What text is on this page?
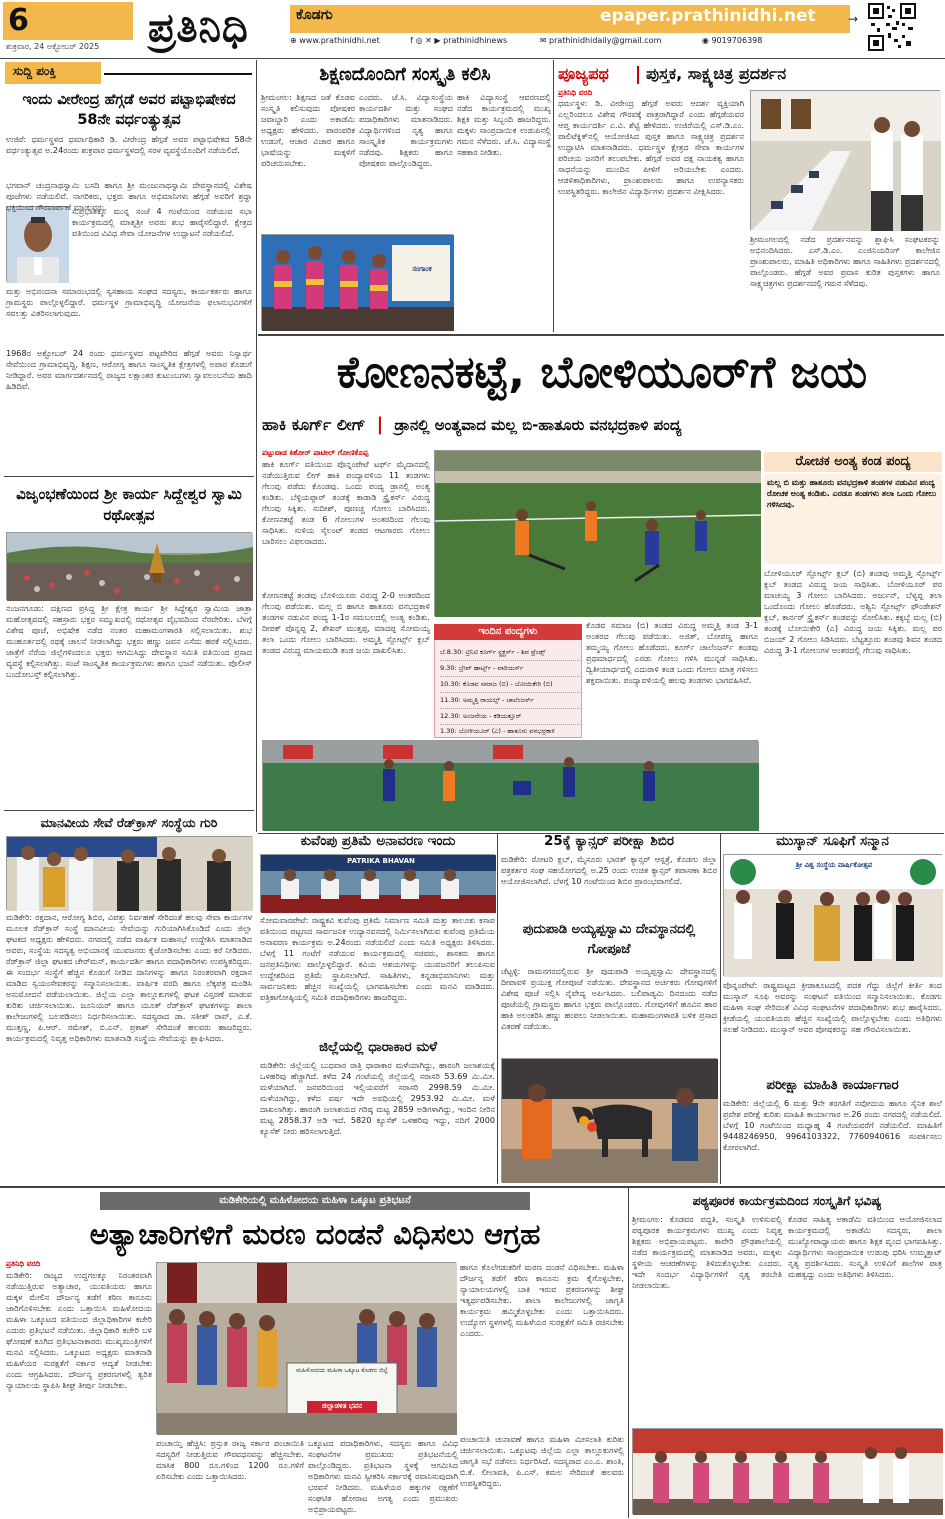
6
ಶುಕ್ರವಾರ, 24 ಅಕ್ಟೋಬರ್ 2025	ಪ್ರತಿನಿಧಿ	ಕೊಡಗು	epaper.prathinidhi.net
⊕ www.prathinidhi.net	f ◎ ✕ ▶ prathinidhinews	✉ prathinidhidaily@gmail.com	◉ 9019706398
→
ಸುದ್ದಿ ಪಂಕ್ತಿ
ಇಂದು ವೀರೇಂದ್ರ ಹೆಗ್ಗಡೆ ಅವರ ಪಟ್ಟಾಭಿಷೇಕದ 58ನೇ ವರ್ಧಂತ್ಯುತ್ಸವ
ಉಜಿರೆ: ಧರ್ಮಸ್ಥಳದ ಧರ್ಮಾಧಿಕಾರಿ ಡಿ. ವೀರೇಂದ್ರ ಹೆಗ್ಗಡೆ ಅವರ ಪಟ್ಟಾಭಿಷೇಕದ 58ನೇ ವರ್ಧಂತ್ಯುತ್ಸವ ಅ.24ರಂದು ಶುಕ್ರವಾರ ಧರ್ಮಸ್ಥಳದಲ್ಲಿ ಸರಳ ವ್ಯವಸ್ಥೆಯೊಂದಿಗೆ ನಡೆಯಲಿದೆ.
ಭಗವಾನ್ ಚಂದ್ರನಾಥಸ್ವಾಮಿ ಬಸದಿ ಹಾಗೂ ಶ್ರೀ ಮಂಜುನಾಥಸ್ವಾಮಿ ದೇವಸ್ಥಾನದಲ್ಲಿ ವಿಶೇಷ ಪೂಜೆಗಳು ನಡೆಯಲಿವೆ. ನಾಗರಿಕರು, ಭಕ್ತರು ಹಾಗೂ ಅಭಿಮಾನಿಗಳು ಹೆಗ್ಗಡೆ ಅವರಿಗೆ ಶ್ರದ್ಧಾ ಭಕ್ತಿಯಿಂದ ಗೌರವಾರ್ಪಣೆ ಮಾಡುವರು.
ಸುಪ್ರಭಾತಕ್ಕೂ ಮುನ್ನ ಸಂಜೆ 4 ಗಂಟೆಯಿಂದ ನಡೆಯುವ ಸಭಾ ಕಾರ್ಯಕ್ರಮದಲ್ಲಿ ಮಾತೃಶ್ರೀ ಅವರು ಶುಭ ಹಾರೈಸಲಿದ್ದಾರೆ. ಕ್ಷೇತ್ರದ ವತಿಯಿಂದ ವಿವಿಧ ಸೇವಾ ಯೋಜನೆಗಳ ಉದ್ಘಾಟನೆ ನಡೆಯಲಿದೆ.
ಮತ್ತು ಅಭಿನಂದನಾ ಸಮಾರಂಭದಲ್ಲಿ ಸ್ವಸಹಾಯ ಸಂಘದ ಸದಸ್ಯರು, ಕಾರ್ಯಕರ್ತರು ಹಾಗೂ ಗ್ರಾಮಸ್ಥರು ಪಾಲ್ಗೊಳ್ಳಲಿದ್ದಾರೆ. ಧರ್ಮಸ್ಥಳ ಗ್ರಾಮಾಭಿವೃದ್ಧಿ ಯೋಜನೆಯ ಫಲಾನುಭವಿಗಳಿಗೆ ಸವಲತ್ತು ವಿತರಿಸಲಾಗುವುದು.
1968ರ ಅಕ್ಟೋಬರ್ 24 ರಂದು ಧರ್ಮಸ್ಥಳದ ಪಟ್ಟವೇರಿದ ಹೆಗ್ಗಡೆ ಅವರು ನಿಸ್ವಾರ್ಥ ಸೇವೆಯಿಂದ ಗ್ರಾಮಾಭಿವೃದ್ಧಿ, ಶಿಕ್ಷಣ, ಆರೋಗ್ಯ ಹಾಗೂ ಸಾಂಸ್ಕೃತಿಕ ಕ್ಷೇತ್ರಗಳಲ್ಲಿ ಅಪಾರ ಕೊಡುಗೆ ನೀಡಿದ್ದಾರೆ. ಅವರ ಮಾರ್ಗದರ್ಶನದಲ್ಲಿ ರಾಜ್ಯದ ಲಕ್ಷಾಂತರ ಕುಟುಂಬಗಳು ಸ್ವಾವಲಂಬನೆಯ ಹಾದಿ ಹಿಡಿದಿವೆ.
ವಿಜೃಂಭಣೆಯಿಂದ ಶ್ರೀ ಕಾರ್ಯ ಸಿದ್ದೇಶ್ವರ ಸ್ವಾಮಿ ರಥೋತ್ಸವ
ನಂಜನಗೂಡು: ದಕ್ಷಿಣದ ಪ್ರಸಿದ್ಧ ಶ್ರೀ ಕ್ಷೇತ್ರ ಕಾರ್ಯ ಶ್ರೀ ಸಿದ್ದೇಶ್ವರ ಸ್ವಾಮಿಯ ಜಾತ್ರಾ ಮಹೋತ್ಸವದಲ್ಲಿ ಸಹಸ್ರಾರು ಭಕ್ತರ ಸಮ್ಮುಖದಲ್ಲಿ ರಥೋತ್ಸವ ವೈಭವದಿಂದ ನೆರವೇರಿತು. ಬೆಳಗ್ಗೆ ವಿಶೇಷ ಪೂಜೆ, ಅಭಿಷೇಕ ನಡೆದ ನಂತರ ಮಹಾಮಂಗಳಾರತಿ ಸಲ್ಲಿಸಲಾಯಿತು. ಶುಭ ಮುಹೂರ್ತದಲ್ಲಿ ರಥಕ್ಕೆ ಚಾಲನೆ ನೀಡಲಾಗಿದ್ದು ಭಕ್ತರು ಹಣ್ಣು ಜವನ ಎಸೆದು ಹರಕೆ ಸಲ್ಲಿಸಿದರು. ಜಾತ್ರೆಗೆ ನೆರೆಯ ಜಿಲ್ಲೆಗಳಿಂದಲೂ ಭಕ್ತರು ಆಗಮಿಸಿದ್ದು ದೇವಸ್ಥಾನ ಸಮಿತಿ ವತಿಯಿಂದ ಪ್ರಸಾದ ವ್ಯವಸ್ಥೆ ಕಲ್ಪಿಸಲಾಗಿತ್ತು. ಸಂಜೆ ಸಾಂಸ್ಕೃತಿಕ ಕಾರ್ಯಕ್ರಮಗಳು ಹಾಗೂ ಭಜನೆ ನಡೆಯಿತು. ಪೊಲೀಸ್ ಬಂದೋಬಸ್ತ್ ಕಲ್ಪಿಸಲಾಗಿತ್ತು.
ಮಾನವೀಯ ಸೇವೆ ರೆಡ್‌ಕ್ರಾಸ್ ಸಂಸ್ಥೆಯ ಗುರಿ
ಮಡಿಕೇರಿ: ರಕ್ತದಾನ, ಆರೋಗ್ಯ ಶಿಬಿರ, ವಿಪತ್ತು ನಿರ್ವಹಣೆ ಸೇರಿದಂತೆ ಹಲವು ಸೇವಾ ಕಾರ್ಯಗಳ ಮೂಲಕ ರೆಡ್‌ಕ್ರಾಸ್ ಸಂಸ್ಥೆ ಮಾನವೀಯ ಸೇವೆಯನ್ನು ಗುರಿಯಾಗಿಸಿಕೊಂಡಿದೆ ಎಂದು ಜಿಲ್ಲಾ ಘಟಕದ ಅಧ್ಯಕ್ಷರು ಹೇಳಿದರು. ನಗರದಲ್ಲಿ ನಡೆದ ವಾರ್ಷಿಕ ಮಹಾಸಭೆ ಉದ್ದೇಶಿಸಿ ಮಾತನಾಡಿದ ಅವರು, ಸಂಸ್ಥೆಯ ಸದಸ್ಯತ್ವ ಅಭಿಯಾನಕ್ಕೆ ಯುವಜನರು ಕೈಜೋಡಿಸಬೇಕು ಎಂದು ಕರೆ ನೀಡಿದರು. ರೆಡ್‌ಕ್ರಾಸ್ ಜಿಲ್ಲಾ ಘಟಕದ ಚೇರ್‌ಮನ್, ಕಾರ್ಯದರ್ಶಿ ಹಾಗೂ ಪದಾಧಿಕಾರಿಗಳು ಉಪಸ್ಥಿತರಿದ್ದರು. ಈ ಸಂದರ್ಭ ಸಂಸ್ಥೆಗೆ ಹೆಚ್ಚಿನ ಕೊಡುಗೆ ನೀಡಿದ ದಾನಿಗಳನ್ನು ಹಾಗೂ ನಿರಂತರವಾಗಿ ರಕ್ತದಾನ ಮಾಡಿದ ಸ್ವಯಂಸೇವಕರನ್ನು ಸನ್ಮಾನಿಸಲಾಯಿತು. ವಾರ್ಷಿಕ ವರದಿ ಹಾಗೂ ಲೆಕ್ಕಪತ್ರ ಮಂಡಿಸಿ ಅನುಮೋದನೆ ಪಡೆಯಲಾಯಿತು. ಜಿಲ್ಲೆಯ ಎಲ್ಲಾ ತಾಲ್ಲೂಕುಗಳಲ್ಲಿ ಘಟಕ ವಿಸ್ತರಣೆ ಮಾಡುವ ಕುರಿತು ಚರ್ಚಿಸಲಾಯಿತು. ಜೂನಿಯರ್ ಹಾಗೂ ಯೂತ್ ರೆಡ್‌ಕ್ರಾಸ್ ಘಟಕಗಳನ್ನು ಶಾಲಾ ಕಾಲೇಜುಗಳಲ್ಲಿ ಬಲಪಡಿಸಲು ನಿರ್ಧರಿಸಲಾಯಿತು. ಸದಸ್ಯರಾದ ಡಾ. ಸತೀಶ್ ರಾವ್, ಎ.ಕೆ. ಮುತ್ತಣ್ಣ, ಪಿ.ಆರ್. ರಮೇಶ್, ಬಿ.ಎನ್. ಪ್ರಕಾಶ್ ಸೇರಿದಂತೆ ಹಲವರು ಹಾಜರಿದ್ದರು. ಕಾರ್ಯಕ್ರಮದಲ್ಲಿ ನಿವೃತ್ತ ಅಧಿಕಾರಿಗಳು ಮಾತನಾಡಿ ಸಂಸ್ಥೆಯ ಸೇವೆಯನ್ನು ಶ್ಲಾಘಿಸಿದರು.
ಶಿಕ್ಷಣದೊಂದಿಗೆ ಸಂಸ್ಕೃತಿ ಕಲಿಸಿ
ಶ್ರೀಮಂಗಲ: ಶಿಕ್ಷಣದ ಜತೆ ಕೊಡವ ಸಂಸ್ಕೃತಿ ಕಲಿಸುವುದು ಪೋಷಕರ ಜವಾಬ್ದಾರಿ ಎಂದು ಅಕಾಡೆಮಿ ಅಧ್ಯಕ್ಷರು ಹೇಳಿದರು. ಪಾರಂಪರಿಕ ಉಡುಗೆ, ಆಚಾರ ವಿಚಾರ ಹಾಗೂ ಭಾಷೆಯನ್ನು ಮಕ್ಕಳಿಗೆ ಪರಿಚಯಿಸಬೇಕು.
ಎಂದರು. ಜೆ.ಸಿ. ವಿದ್ಯಾಸಂಸ್ಥೆಯ ಕಾರ್ಯದರ್ಶಿ ಮತ್ತು ಸಂಘದ ಪದಾಧಿಕಾರಿಗಳು ಮಾತನಾಡಿದರು. ವಿದ್ಯಾರ್ಥಿಗಳಿಂದ ನೃತ್ಯ ಹಾಗೂ ಸಾಂಸ್ಕೃತಿಕ ಕಾರ್ಯಕ್ರಮಗಳು ನಡೆದವು. ಶಿಕ್ಷಕರು ಹಾಗೂ ಪೋಷಕರು ಪಾಲ್ಗೊಂಡಿದ್ದರು.
ಹಾಕಿ ವಿದ್ಯಾಸಂಸ್ಥೆ ಆವರಣದಲ್ಲಿ ನಡೆದ ಕಾರ್ಯಕ್ರಮದಲ್ಲಿ ಮುಖ್ಯ ಶಿಕ್ಷಕಿ ಮತ್ತು ಸಿಬ್ಬಂದಿ ಹಾಜರಿದ್ದರು. ಮಕ್ಕಳು ಸಾಂಪ್ರದಾಯಿಕ ಉಡುಪಿನಲ್ಲಿ ಗಮನ ಸೆಳೆದರು. ಜೆ.ಸಿ. ವಿದ್ಯಾಸಂಸ್ಥೆ ಸಹಕಾರ ನೀಡಿತು.
ಸಂಗಾಂಕ
ಪೂಜ್ಯಪಥ ಪುಸ್ತಕ, ಸಾಕ್ಷ್ಯಚಿತ್ರ ಪ್ರದರ್ಶನ
ಪ್ರತಿನಿಧಿ ವರದಿ
ಧರ್ಮಸ್ಥಳ: ಡಿ. ವೀರೇಂದ್ರ ಹೆಗ್ಗಡೆ ಅವರು ಆದರ್ಶ ವ್ಯಕ್ತಿಯಾಗಿ ಎಲ್ಲರಿಂದಲೂ ವಿಶೇಷ ಗೌರವಕ್ಕೆ ಪಾತ್ರರಾಗಿದ್ದಾರೆ ಎಂದು ಹೆಗ್ಗಡೆಯವರ ಆಪ್ತ ಕಾರ್ಯದರ್ಶಿ ಎ.ವಿ. ಶೆಟ್ಟಿ ಹೇಳಿದರು. ಉಜಿರೆಯಲ್ಲಿ ಎಸ್.ಡಿ.ಎಂ. ಪಾಲಿಟೆಕ್ನಿಕ್‌ನಲ್ಲಿ ಆಯೋಜಿಸಿದ ಪುಸ್ತಕ ಹಾಗೂ ಸಾಕ್ಷ್ಯಚಿತ್ರ ಪ್ರದರ್ಶನ ಉದ್ಘಾಟಿಸಿ ಮಾತನಾಡಿದರು. ಧರ್ಮಸ್ಥಳ ಕ್ಷೇತ್ರದ ಸೇವಾ ಕಾರ್ಯಗಳ ಪರಿಚಯ ಜನರಿಗೆ ತಲುಪಬೇಕು. ಹೆಗ್ಗಡೆ ಅವರ ದಕ್ಷ ನಾಯಕತ್ವ ಹಾಗೂ ಸಾಧನೆಯನ್ನು ಮುಂದಿನ ಪೀಳಿಗೆ ಅರಿಯಬೇಕು ಎಂದರು. ಆಡಳಿತಾಧಿಕಾರಿಗಳು, ಪ್ರಾಂಶುಪಾಲರು ಹಾಗೂ ಉಪನ್ಯಾಸಕರು ಉಪಸ್ಥಿತರಿದ್ದರು. ಕಾಲೇಜಿನ ವಿದ್ಯಾರ್ಥಿಗಳು ಪ್ರದರ್ಶನ ವೀಕ್ಷಿಸಿದರು.
ಶ್ರೀಮಂಗಲದಲ್ಲಿ ನಡೆದ ಪ್ರದರ್ಶನವನ್ನು ಶ್ಲಾಘಿಸಿ ಸಂಘಟಕರನ್ನು ಅಭಿನಂದಿಸಿದರು. ಎಸ್.ಡಿ.ಎಂ. ಎಂಜಿನಿಯರಿಂಗ್ ಕಾಲೇಜಿನ ಪ್ರಾಂಶುಪಾಲರು, ಮಾಹಿತಿ ಅಧಿಕಾರಿಗಳು ಹಾಗೂ ಸಾಹಿತಿಗಳು ಪ್ರದರ್ಶನದಲ್ಲಿ ಪಾಲ್ಗೊಂಡರು. ಹೆಗ್ಗಡೆ ಅವರ ಪ್ರವಾಸ ಕುರಿತ ಪುಸ್ತಕಗಳು ಹಾಗೂ ಸಾಕ್ಷ್ಯಚಿತ್ರಗಳು ಪ್ರದರ್ಶನದಲ್ಲಿ ಗಮನ ಸೆಳೆದವು.
ಕೋಣನಕಟ್ಟೆ, ಬೋಳಿಯೂರ್‌ಗೆ ಜಯ
ಹಾಕಿ ಕೂರ್ಗ್ ಲೀಗ್ | ಡ್ರಾನಲ್ಲಿ ಅಂತ್ಯವಾದ ಮಲ್ಲ ಬಿ-ಹಾತೂರು ವನಭದ್ರಕಾಳಿ ಪಂದ್ಯ
ಪಟ್ಟುವಾಡ ಕಿಶೋರ್ ಪಾಟೀಲ್ ಗೋಣಿಕೊಪ್ಪ
ಹಾಕಿ ಕೂರ್ಗ್ ವತಿಯಿಂದ ಪೊನ್ನಂಪೇಟೆ ಟರ್ಫ್ ಮೈದಾನದಲ್ಲಿ ನಡೆಯುತ್ತಿರುವ ಲೀಗ್ ಹಾಕಿ ಪಂದ್ಯಾವಳಿಯ 11 ತಂಡಗಳು ಗೆಲುವು ಪಡೆದು ಕೊಂಡವು. ಒಂದು ಪಂದ್ಯ ಡ್ರಾನಲ್ಲಿ ಅಂತ್ಯ ಕಂಡಿತು. ಬೆಳ್ಳಿಯಪ್ಪಾರ್ ತಂಡಕ್ಕೆ ಕಾಡಾಡಿ ಸ್ಟ್ರೈಕರ್ಸ್ ವಿರುದ್ಧ ಗೆಲುವು ಸಿಕ್ಕಿತು. ಸುದೀಶ್, ಪೂಣಚ್ಚ ಗೋಲು ಬಾರಿಸಿದರು. ಕೋಣನಕಟ್ಟೆ ತಂಡ 6 ಗೋಲುಗಳ ಅಂತರದಿಂದ ಗೆಲುವು ಸಾಧಿಸಿತು. ಸುಳಿಯ ಸೈಲಂಟ್ ತಂಡದ ಆಟಗಾರರು ಗೋಲು ಬಾರಿಸಲು ವಿಫಲರಾದರು.
ಕೋಣನಕಟ್ಟೆ ತಂಡವು ಬೊಳಿಯೂರು ವಿರುದ್ಧ 2-0 ಅಂತರದಿಂದ ಗೆಲುವು ಪಡೆಯಿತು. ಮಲ್ಲ ಬಿ ಹಾಗೂ ಹಾತೂರು ವನಭದ್ರಕಾಳಿ ತಂಡಗಳ ನಡುವಿನ ಪಂದ್ಯ 1-1ರ ಸಮಬಲದಲ್ಲಿ ಅಂತ್ಯ ಕಂಡಿತು. ದೀಪಕ್ ಪೊನ್ನಪ್ಪ 2, ಶೇಖರ್ ಮುತ್ತಪ್ಪ, ಮಾದಪ್ಪ ಸೋಮಯ್ಯ ತಲಾ ಒಂದು ಗೋಲು ಬಾರಿಸಿದರು. ಅಮ್ಮತ್ತಿ ಸ್ಪೋರ್ಟ್ಸ್ ಕ್ಲಬ್ ತಂಡದ ವಿರುದ್ಧ ಮಾಯಮುಡಿ ತಂಡ ಜಯ ದಾಖಲಿಸಿತು.
ಇಂದಿನ ಪಂದ್ಯಗಳು
ಬೆ.8.30: ಟ್ರಿನಿಟಿ ಕೂರ್ಗ್ ಸ್ಟ್ರಕ್ಚರ್ಸ್ - ಶಿವ ಫ್ರೆಂಡ್ಸ್
9.30: ಬ್ರೇವ್ ಹಾರ್ಟ್ಸ್ - ವಾರಿಯರ್ಸ್
10.30: ಕೊಡವ ಸಮಾಜ (ಬಿ) - ಬೋಯಿಕೇರಿ (ಬಿ)
11.30: ಅಮ್ಮತ್ತಿ ರಾಯಲ್ಸ್ - ಚಾಲೆಂಜರ್ಸ್
12.30: ಅಂಜನೇಯ - ಕಡಿಯತ್ತೂರ್
1.30: ಬೋಳಿಯೂರ್ (ಎ) - ಹಾತೂರು ವನಭದ್ರಕಾಳಿ
ಕೊಡವ ಸಮಾಜ (ಬಿ) ತಂಡದ ವಿರುದ್ಧ ಅಮ್ಮತ್ತಿ ತಂಡ 3-1 ಅಂತರದ ಗೆಲುವು ಪಡೆಯಿತು. ಅಜಿತ್, ಬೋಪಣ್ಣ ಹಾಗೂ ತಮ್ಮಯ್ಯ ಗೋಲು ಹೊಡೆದರು. ಕೂರ್ಗ್ ಚಾಲೆಂಜರ್ಸ್ ತಂಡವು ಪ್ರಥಮಾರ್ಧದಲ್ಲಿ ಎರಡು ಗೋಲು ಗಳಿಸಿ ಮುನ್ನಡೆ ಸಾಧಿಸಿತು. ದ್ವಿತೀಯಾರ್ಧದಲ್ಲಿ ಎದುರಾಳಿ ತಂಡ ಒಂದು ಗೋಲು ಮಾತ್ರ ಗಳಿಸಲು ಶಕ್ತವಾಯಿತು. ಪಂದ್ಯಾವಳಿಯಲ್ಲಿ ಹಲವು ತಂಡಗಳು ಭಾಗವಹಿಸಿವೆ.
ರೋಚಕ ಅಂತ್ಯ ಕಂಡ ಪಂದ್ಯ
ಮಲ್ಲ ಬಿ ಮತ್ತು ಹಾತೂರು ವನಭದ್ರಕಾಳಿ ತಂಡಗಳ ನಡುವಿನ ಪಂದ್ಯ ರೋಚಕ ಅಂತ್ಯ ಕಂಡಿತು. ಎರಡೂ ತಂಡಗಳು ತಲಾ ಒಂದು ಗೋಲು ಗಳಿಸಿದವು.
ಬೋಳಿಯೂರ್ ಸ್ಪೋರ್ಟ್ಸ್ ಕ್ಲಬ್ (ಬಿ) ತಂಡವು ಅಮ್ಮತ್ತಿ ಸ್ಪೋರ್ಟ್ಸ್ ಕ್ಲಬ್ ತಂಡದ ವಿರುದ್ಧ ಜಯ ಸಾಧಿಸಿತು. ಬೋಳಿಯೂರ್ ಪರ ಮಾಚಯ್ಯ 3 ಗೋಲು ಬಾರಿಸಿದರು. ಅರ್ಜುನ್, ಬೆಳ್ಯಪ್ಪ ತಲಾ ಒಂದೊಂದು ಗೋಲು ಹೊಡೆದರು. ಅಶ್ವಿನಿ ಸ್ಪೋರ್ಟ್ಸ್ ಫೌಂಡೇಶನ್ ಕ್ಲಬ್, ಕಾರ್ನರ್ ಸ್ಟ್ರೈಕರ್ಸ್ ತಂಡವನ್ನು ಸೋಲಿಸಿತು. ಕಕ್ಕಬ್ಬೆ ಮಲ್ಲ (ಬಿ) ತಂಡಕ್ಕೆ ಬೋಯಿಕೇರಿ (ಎ) ವಿರುದ್ಧ ಜಯ ಸಿಕ್ಕಿತು. ಮಲ್ಲ ಪರ ಬಿಜಯ್ 2 ಗೋಲು ಸಿಡಿಸಿದರು. ಬೆಟ್ಟತ್ತೂರು ತಂಡವು ಶಿವನ ತಂಡದ ವಿರುದ್ಧ 3-1 ಗೋಲುಗಳ ಅಂತರದಲ್ಲಿ ಗೆಲುವು ಸಾಧಿಸಿತು.
ಕುವೆಂಪು ಪ್ರತಿಮೆ ಅನಾವರಣ ಇಂದು
PATRIKA BHAVAN
ಸೋಮವಾರಪೇಟೆ: ರಾಷ್ಟ್ರಕವಿ ಕುವೆಂಪು ಪ್ರತಿಮೆ ನಿರ್ಮಾಣ ಸಮಿತಿ ಮತ್ತು ತಾಲೂಕು ಕಸಾಪ ವತಿಯಿಂದ ಪಟ್ಟಣದ ಸಾರ್ವಜನಿಕ ಉದ್ಯಾನವನದಲ್ಲಿ ನಿರ್ಮಿಸಲಾಗಿರುವ ಕುವೆಂಪು ಪ್ರತಿಮೆಯ ಅನಾವರಣ ಕಾರ್ಯಕ್ರಮ ಅ.24ರಂದು ನಡೆಯಲಿದೆ ಎಂದು ಸಮಿತಿ ಅಧ್ಯಕ್ಷರು ತಿಳಿಸಿದರು. ಬೆಳಗ್ಗೆ 11 ಗಂಟೆಗೆ ನಡೆಯುವ ಕಾರ್ಯಕ್ರಮದಲ್ಲಿ ಸಚಿವರು, ಶಾಸಕರು ಹಾಗೂ ಜನಪ್ರತಿನಿಧಿಗಳು ಪಾಲ್ಗೊಳ್ಳಲಿದ್ದಾರೆ. ಕವಿಯ ಆಶಯಗಳನ್ನು ಯುವಜನರಿಗೆ ತಲುಪಿಸುವ ಉದ್ದೇಶದಿಂದ ಪ್ರತಿಮೆ ಸ್ಥಾಪಿಸಲಾಗಿದೆ. ಸಾಹಿತಿಗಳು, ಕನ್ನಡಾಭಿಮಾನಿಗಳು ಮತ್ತು ಸಾರ್ವಜನಿಕರು ಹೆಚ್ಚಿನ ಸಂಖ್ಯೆಯಲ್ಲಿ ಭಾಗವಹಿಸಬೇಕು ಎಂದು ಮನವಿ ಮಾಡಿದರು. ಪತ್ರಿಕಾಗೋಷ್ಠಿಯಲ್ಲಿ ಸಮಿತಿ ಪದಾಧಿಕಾರಿಗಳು ಹಾಜರಿದ್ದರು.
ಜಿಲ್ಲೆಯಲ್ಲಿ ಧಾರಾಕಾರ ಮಳೆ
ಮಡಿಕೇರಿ: ಜಿಲ್ಲೆಯಲ್ಲಿ ಬುಧವಾರ ರಾತ್ರಿ ಧಾರಾಕಾರ ಮಳೆಯಾಗಿದ್ದು, ಹಾರಂಗಿ ಜಲಾಶಯಕ್ಕೆ ಒಳಹರಿವು ಹೆಚ್ಚಾಗಿದೆ. ಕಳೆದ 24 ಗಂಟೆಯಲ್ಲಿ ಜಿಲ್ಲೆಯಲ್ಲಿ ಸರಾಸರಿ 53.69 ಮಿ.ಮೀ. ಮಳೆಯಾಗಿದೆ. ಜನವರಿಯಿಂದ ಇಲ್ಲಿಯವರೆಗೆ ಸರಾಸರಿ 2998.59 ಮಿ.ಮೀ. ಮಳೆಯಾಗಿದ್ದು, ಕಳೆದ ವರ್ಷ ಇದೇ ಅವಧಿಯಲ್ಲಿ 2953.92 ಮಿ.ಮೀ. ಮಳೆ ದಾಖಲಾಗಿತ್ತು. ಹಾರಂಗಿ ಜಲಾಶಯದ ಗರಿಷ್ಠ ಮಟ್ಟ 2859 ಅಡಿಗಳಾಗಿದ್ದು, ಇಂದಿನ ನೀರಿನ ಮಟ್ಟ 2858.37 ಅಡಿ ಇದೆ. 5820 ಕ್ಯೂಸೆಕ್ ಒಳಹರಿವು ಇದ್ದು, ನದಿಗೆ 2000 ಕ್ಯೂಸೆಕ್ ನೀರು ಹರಿಸಲಾಗುತ್ತಿದೆ.
25ಕ್ಕೆ ಕ್ಯಾನ್ಸರ್ ಪರೀಕ್ಷಾ ಶಿಬಿರ
ಮಡಿಕೇರಿ: ರೋಟರಿ ಕ್ಲಬ್, ಮೈಸೂರು ಭಾರತ್ ಕ್ಯಾನ್ಸರ್ ಆಸ್ಪತ್ರೆ, ಕೊಡಗು ಜಿಲ್ಲಾ ಪತ್ರಕರ್ತರ ಸಂಘ ಸಹಯೋಗದಲ್ಲಿ ಅ.25 ರಂದು ಉಚಿತ ಕ್ಯಾನ್ಸರ್ ತಪಾಸಣಾ ಶಿಬಿರ ಆಯೋಜಿಸಲಾಗಿದೆ. ಬೆಳಗ್ಗೆ 10 ಗಂಟೆಯಿಂದ ಶಿಬಿರ ಪ್ರಾರಂಭವಾಗಲಿದೆ.
ಪುದುಪಾಡಿ ಅಯ್ಯಪ್ಪಸ್ವಾಮಿ ದೇವಸ್ಥಾನದಲ್ಲಿ ಗೋಪೂಜೆ
ಚೆಟ್ಟಳ್ಳಿ: ರಾಮನಗರದಲ್ಲಿರುವ ಶ್ರೀ ಪುದುಪಾಡಿ ಅಯ್ಯಪ್ಪಸ್ವಾಮಿ ದೇವಸ್ಥಾನದಲ್ಲಿ ದೀಪಾವಳಿ ಪ್ರಯುಕ್ತ ಗೋಪೂಜೆ ನಡೆಯಿತು. ದೇವಸ್ಥಾನದ ಅರ್ಚಕರು ಗೋವುಗಳಿಗೆ ವಿಶೇಷ ಪೂಜೆ ಸಲ್ಲಿಸಿ ನೈವೇದ್ಯ ಅರ್ಪಿಸಿದರು. ಬಲಿಪಾಡ್ಯಮಿ ದಿನದಂದು ನಡೆದ ಪೂಜೆಯಲ್ಲಿ ಗ್ರಾಮಸ್ಥರು ಹಾಗೂ ಭಕ್ತರು ಪಾಲ್ಗೊಂಡರು. ಗೋವುಗಳಿಗೆ ಹೂವಿನ ಹಾರ ಹಾಕಿ ಅಲಂಕರಿಸಿ ಹಣ್ಣು ಹಂಪಲು ನೀಡಲಾಯಿತು. ಮಹಾಮಂಗಳಾರತಿ ಬಳಿಕ ಪ್ರಸಾದ ವಿತರಣೆ ನಡೆಯಿತು.
ಮುಸ್ಕಾನ್ ಸೂಫಿಗೆ ಸನ್ಮಾನ
ಶ್ರೀ ವಿಶ್ವ ಸಂಸ್ಥೆಯ ವಾರ್ಷಿಕೋತ್ಸವ
ಪೊನ್ನಂಪೇಟೆ: ರಾಷ್ಟ್ರಮಟ್ಟದ ಕ್ರೀಡಾಕೂಟದಲ್ಲಿ ಪದಕ ಗೆದ್ದು ಜಿಲ್ಲೆಗೆ ಕೀರ್ತಿ ತಂದ ಮುಸ್ಕಾನ್ ಸೂಫಿ ಅವರನ್ನು ಸಂಘಟನೆ ವತಿಯಿಂದ ಸನ್ಮಾನಿಸಲಾಯಿತು. ಕೊಡಗು ಮಹಿಳಾ ಸಂಘ ಸೇರಿದಂತೆ ವಿವಿಧ ಸಂಘಟನೆಗಳ ಪದಾಧಿಕಾರಿಗಳು ಶುಭ ಹಾರೈಸಿದರು. ಕ್ರೀಡೆಯಲ್ಲಿ ಯುವತಿಯರು ಹೆಚ್ಚಿನ ಸಂಖ್ಯೆಯಲ್ಲಿ ಪಾಲ್ಗೊಳ್ಳಬೇಕು ಎಂದು ಅತಿಥಿಗಳು ಸಲಹೆ ನೀಡಿದರು. ಮುಸ್ಕಾನ್ ಅವರ ಪೋಷಕರನ್ನು ಸಹ ಗೌರವಿಸಲಾಯಿತು.
ಪರೀಕ್ಷಾ ಮಾಹಿತಿ ಕಾರ್ಯಾಗಾರ
ಮಡಿಕೇರಿ: ಜಿಲ್ಲೆಯಲ್ಲಿ 6 ಮತ್ತು 9ನೇ ತರಗತಿಗೆ ನವೋದಯ ಹಾಗೂ ಸೈನಿಕ ಶಾಲೆ ಪ್ರವೇಶ ಪರೀಕ್ಷೆ ಕುರಿತು ಮಾಹಿತಿ ಕಾರ್ಯಾಗಾರ ಅ.26 ರಂದು ನಗರದಲ್ಲಿ ನಡೆಯಲಿದೆ. ಬೆಳಗ್ಗೆ 10 ಗಂಟೆಯಿಂದ ಮಧ್ಯಾಹ್ನ 4 ಗಂಟೆಯವರೆಗೆ ನಡೆಯಲಿದೆ. ಮಾಹಿತಿಗೆ 9448246950, 9964103322, 7760940616 ಸಂಪರ್ಕಿಸಲು ಕೋರಲಾಗಿದೆ.
ಮಡಿಕೇರಿಯಲ್ಲಿ ಮಹಿಳೋದಯ ಮಹಿಳಾ ಒಕ್ಕೂಟ ಪ್ರತಿಭಟನೆ
ಅತ್ಯಾಚಾರಿಗಳಿಗೆ ಮರಣ ದಂಡನೆ ವಿಧಿಸಲು ಆಗ್ರಹ
ಪ್ರತಿನಿಧಿ ವರದಿ
ಮಡಿಕೇರಿ: ರಾಜ್ಯದ ಉದ್ದಗಲಕ್ಕೂ ನಿರಂತರವಾಗಿ ನಡೆಯುತ್ತಿರುವ ಅತ್ಯಾಚಾರ, ಯುವತಿಯರು ಹಾಗೂ ಮಕ್ಕಳ ಮೇಲಿನ ದೌರ್ಜನ್ಯ ತಡೆಗೆ ಕಠಿಣ ಕಾನೂನು ಜಾರಿಗೊಳಿಸಬೇಕು ಎಂದು ಒತ್ತಾಯಿಸಿ ಮಹಿಳೋದಯ ಮಹಿಳಾ ಒಕ್ಕೂಟದ ವತಿಯಿಂದ ಜಿಲ್ಲಾಧಿಕಾರಿಗಳ ಕಚೇರಿ ಎದುರು ಪ್ರತಿಭಟನೆ ನಡೆಯಿತು. ಜಿಲ್ಲಾಧಿಕಾರಿ ಕಚೇರಿ ಬಳಿ ಘೋಷಣೆ ಕೂಗಿದ ಪ್ರತಿಭಟನಾಕಾರರು ಮುಖ್ಯಮಂತ್ರಿಗಳಿಗೆ ಮನವಿ ಸಲ್ಲಿಸಿದರು. ಒಕ್ಕೂಟದ ಅಧ್ಯಕ್ಷರು ಮಾತನಾಡಿ ಮಹಿಳೆಯರ ಸುರಕ್ಷತೆಗೆ ಸರ್ಕಾರ ಆದ್ಯತೆ ನೀಡಬೇಕು ಎಂದು ಆಗ್ರಹಿಸಿದರು. ದೌರ್ಜನ್ಯ ಪ್ರಕರಣಗಳಲ್ಲಿ ತ್ವರಿತ ನ್ಯಾಯಾಲಯ ಸ್ಥಾಪಿಸಿ ಶೀಘ್ರ ತೀರ್ಪು ನೀಡಬೇಕು.
ಮಹಿಳೋದಯ ಮಹಿಳಾ ಒಕ್ಕೂಟ ಕೊಡಗು ಜಿಲ್ಲೆ
ಜಿಲ್ಲಾಡಳಿತ ಭವನ
ಪಂಚಾಯ್ತಿ ಹೆಚ್ಚಿಸಿ: ಪ್ರಸ್ತುತ ರಾಜ್ಯ ಸರ್ಕಾರ ಪಂಚಾಯಿತಿ ಸದಸ್ಯರಿಗೆ ನೀಡುತ್ತಿರುವ ಗೌರವಧನವನ್ನು ಹೆಚ್ಚಿಸಬೇಕು. ಮಾಸಿಕ 800 ರೂ.ಗಳಿಂದ 1200 ರೂ.ಗಳಿಗೆ ಏರಿಸಬೇಕು ಎಂದು ಒತ್ತಾಯಿಸಿದರು.
ಹಾಗೂ ಕೊಲೆಗಡುಕರಿಗೆ ಮರಣ ದಂಡನೆ ವಿಧಿಸಬೇಕು. ಮಹಿಳಾ ದೌರ್ಜನ್ಯ ತಡೆಗೆ ಕಠಿಣ ಕಾನೂನು ಕ್ರಮ ಕೈಗೊಳ್ಳಬೇಕು, ನ್ಯಾಯಾಲಯಗಳಲ್ಲಿ ಬಾಕಿ ಇರುವ ಪ್ರಕರಣಗಳನ್ನು ಶೀಘ್ರ ಇತ್ಯರ್ಥಪಡಿಸಬೇಕು. ಶಾಲಾ ಕಾಲೇಜುಗಳಲ್ಲಿ ಜಾಗೃತಿ ಕಾರ್ಯಕ್ರಮ ಹಮ್ಮಿಕೊಳ್ಳಬೇಕು ಎಂದು ಒತ್ತಾಯಿಸಿದರು. ಉದ್ಯೋಗ ಸ್ಥಳಗಳಲ್ಲಿ ಮಹಿಳೆಯರ ಸುರಕ್ಷತೆಗೆ ಸಮಿತಿ ರಚಿಸಬೇಕು ಎಂದರು.
ಒಕ್ಕೂಟದ ಪದಾಧಿಕಾರಿಗಳು, ಸದಸ್ಯರು ಹಾಗೂ ವಿವಿಧ ಸಂಘಟನೆಗಳ ಪ್ರಮುಖರು ಪ್ರತಿಭಟನೆಯಲ್ಲಿ ಪಾಲ್ಗೊಂಡಿದ್ದರು. ಪ್ರತಿಭಟನಾ ಸ್ಥಳಕ್ಕೆ ಆಗಮಿಸಿದ ಅಧಿಕಾರಿಗಳು ಮನವಿ ಸ್ವೀಕರಿಸಿ ಸರ್ಕಾರಕ್ಕೆ ರವಾನಿಸುವುದಾಗಿ ಭರವಸೆ ನೀಡಿದರು. ಮಹಿಳೆಯರ ಹಕ್ಕುಗಳ ರಕ್ಷಣೆಗೆ ಸಂಘಟಿತ ಹೋರಾಟ ಅಗತ್ಯ ಎಂದು ಪ್ರಮುಖರು ಅಭಿಪ್ರಾಯಪಟ್ಟರು.
ಪಂಚಾಯಿತಿ ಚುನಾವಣೆ ಹಾಗೂ ಮಹಿಳಾ ಮೀಸಲಾತಿ ಕುರಿತು ಚರ್ಚಿಸಲಾಯಿತು. ಒಕ್ಕೂಟವು ಜಿಲ್ಲೆಯ ಎಲ್ಲಾ ತಾಲ್ಲೂಕುಗಳಲ್ಲಿ ಜಾಗೃತಿ ಸಭೆ ನಡೆಸಲು ನಿರ್ಧರಿಸಿದೆ. ಸದಸ್ಯರಾದ ಎಂ.ಎ. ಶಾಂತಿ, ಬಿ.ಕೆ. ಲೀಲಾವತಿ, ಪಿ.ಎಸ್. ಕಮಲ ಸೇರಿದಂತೆ ಹಲವರು ಉಪಸ್ಥಿತರಿದ್ದರು.
ಪಠ್ಯಪೂರಕ ಕಾರ್ಯಕ್ರಮದಿಂದ ಸಂಸ್ಕೃತಿಗೆ ಭವಿಷ್ಯ
ಶ್ರೀಮಂಗಲ: ಕೊಡವರ ಪದ್ಧತಿ, ಸಂಸ್ಕೃತಿ ಉಳಿಸುವಲ್ಲಿ ಪಠ್ಯಪೂರಕ ಕಾರ್ಯಕ್ರಮಗಳು ಮುಖ್ಯ ಎಂದು ನಿವೃತ್ತ ಶಿಕ್ಷಕರು ಅಭಿಪ್ರಾಯಪಟ್ಟರು. ಕಾವೇರಿ ಪ್ರೌಢಶಾಲೆಯಲ್ಲಿ ನಡೆದ ಕಾರ್ಯಕ್ರಮದಲ್ಲಿ ಮಾತನಾಡಿದ ಅವರು, ಮಕ್ಕಳು ಸ್ಥಳೀಯ ಆಚರಣೆಗಳನ್ನು ತಿಳಿದುಕೊಳ್ಳಬೇಕು ಎಂದರು. ಇದೇ ಸಂದರ್ಭ ವಿದ್ಯಾರ್ಥಿಗಳಿಗೆ ನೃತ್ಯ ತರಬೇತಿ ನೀಡಲಾಯಿತು.
ಕೊಡವ ಸಾಹಿತ್ಯ ಅಕಾಡೆಮಿ ವತಿಯಿಂದ ಆಯೋಜಿಸಲಾದ ಕಾರ್ಯಕ್ರಮದಲ್ಲಿ ಅಕಾಡೆಮಿ ಸದಸ್ಯರು, ಶಾಲಾ ಮುಖ್ಯೋಪಾಧ್ಯಾಯರು ಹಾಗೂ ಶಿಕ್ಷಕ ವೃಂದ ಭಾಗವಹಿಸಿತ್ತು. ವಿದ್ಯಾರ್ಥಿಗಳು ಸಾಂಪ್ರದಾಯಿಕ ಉಡುಪು ಧರಿಸಿ ಉಮ್ಮತ್ತಾಟ್ ನೃತ್ಯ ಪ್ರದರ್ಶಿಸಿದರು. ಸಂಸ್ಕೃತಿ ಉಳಿವಿಗೆ ಶಾಲೆಗಳ ಪಾತ್ರ ಮಹತ್ವದ್ದು ಎಂದು ಅತಿಥಿಗಳು ತಿಳಿಸಿದರು.
